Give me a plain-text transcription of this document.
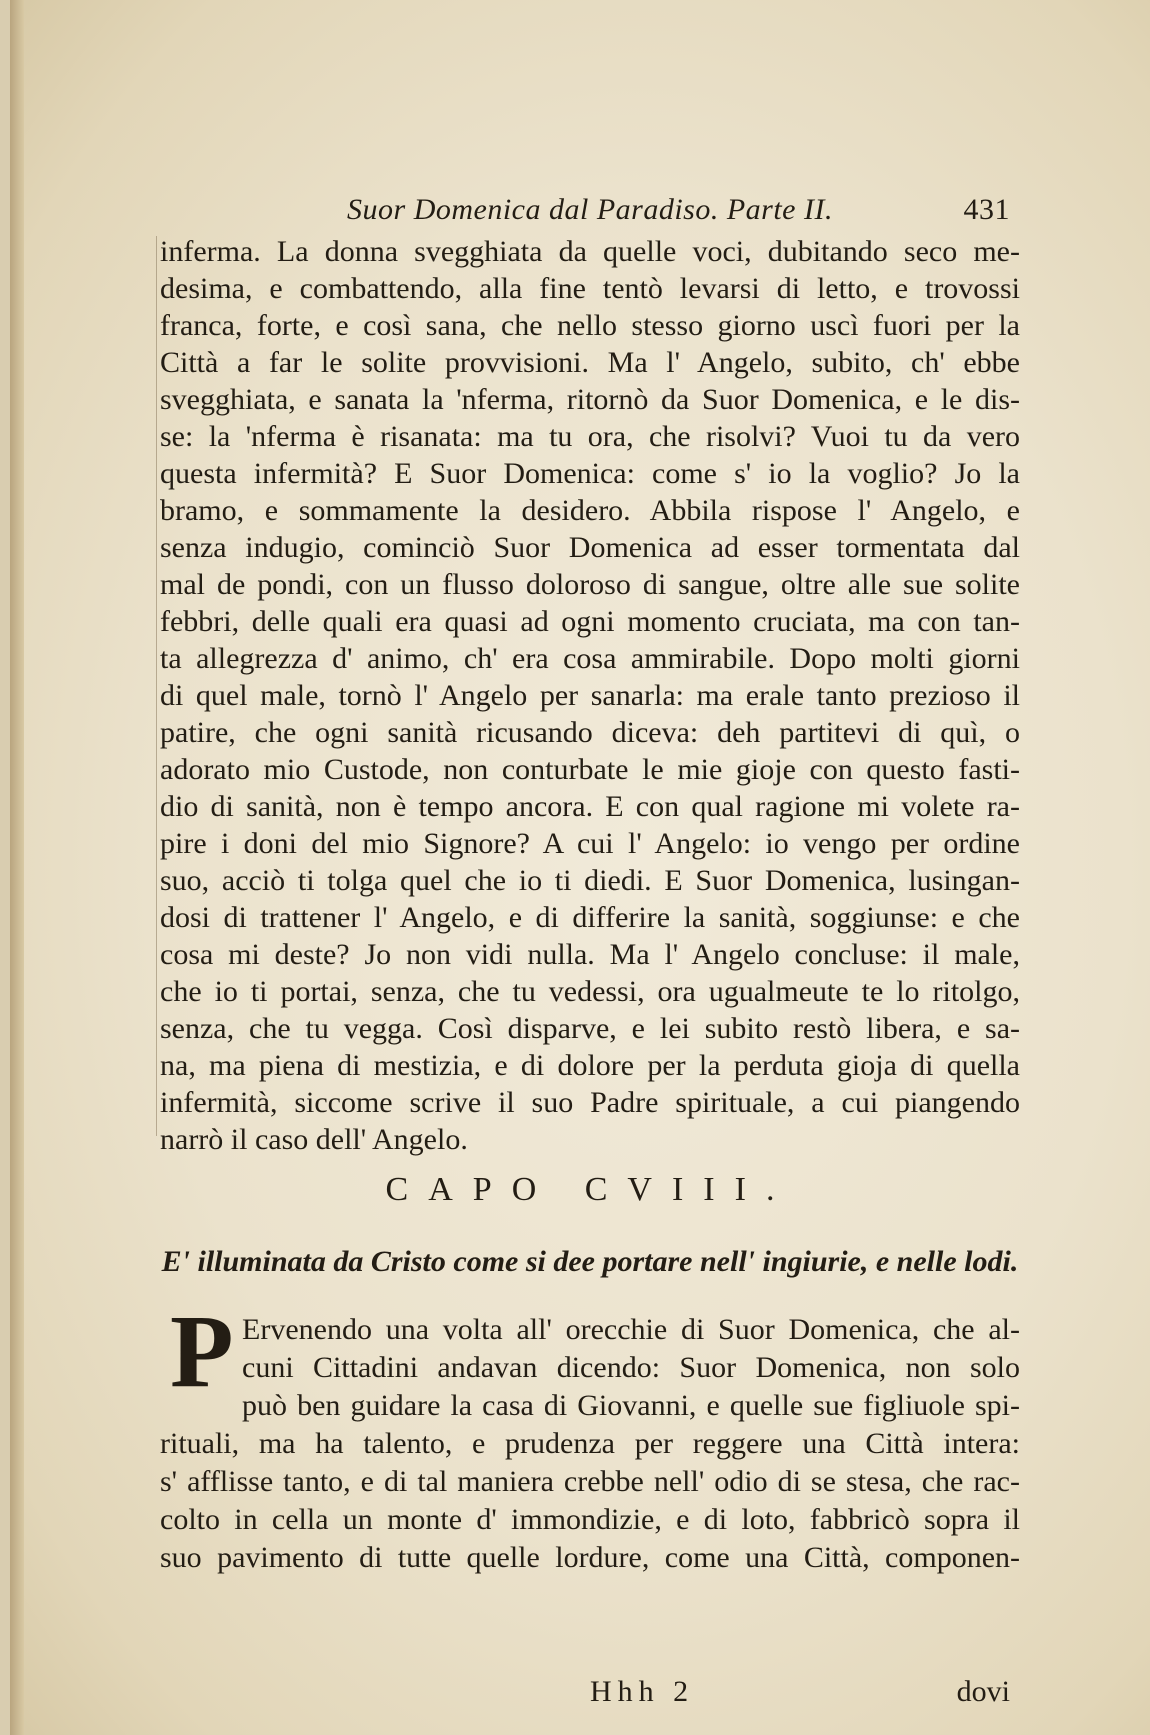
Suor Domenica dal Paradiso. Parte II.	431
inferma. La donna svegghiata da quelle voci, dubitando seco me-
desima, e combattendo, alla fine tentò levarsi di letto, e trovossi
franca, forte, e così sana, che nello stesso giorno uscì fuori per la
Città a far le solite provvisioni. Ma l' Angelo, subito, ch' ebbe
svegghiata, e sanata la 'nferma, ritornò da Suor Domenica, e le dis-
se: la 'nferma è risanata: ma tu ora, che risolvi? Vuoi tu da vero
questa infermità? E Suor Domenica: come s' io la voglio? Jo la
bramo, e sommamente la desidero. Abbila rispose l' Angelo, e
senza indugio, cominciò Suor Domenica ad esser tormentata dal
mal de pondi, con un flusso doloroso di sangue, oltre alle sue solite
febbri, delle quali era quasi ad ogni momento cruciata, ma con tan-
ta allegrezza d' animo, ch' era cosa ammirabile. Dopo molti giorni
di quel male, tornò l' Angelo per sanarla: ma erale tanto prezioso il
patire, che ogni sanità ricusando diceva: deh partitevi di quì, o
adorato mio Custode, non conturbate le mie gioje con questo fasti-
dio di sanità, non è tempo ancora. E con qual ragione mi volete ra-
pire i doni del mio Signore? A cui l' Angelo: io vengo per ordine
suo, acciò ti tolga quel che io ti diedi. E Suor Domenica, lusingan-
dosi di trattener l' Angelo, e di differire la sanità, soggiunse: e che
cosa mi deste? Jo non vidi nulla. Ma l' Angelo concluse: il male,
che io ti portai, senza, che tu vedessi, ora ugualmeute te lo ritolgo,
senza, che tu vegga. Così disparve, e lei subito restò libera, e sa-
na, ma piena di mestizia, e di dolore per la perduta gioja di quella
infermità, siccome scrive il suo Padre spirituale, a cui piangendo
narrò il caso dell' Angelo.
CAPO CVIII.
E' illuminata da Cristo come si dee portare nell' ingiurie, e nelle lodi.
P Ervenendo una volta all' orecchie di Suor Domenica, che al-
cuni Cittadini andavan dicendo: Suor Domenica, non solo
può ben guidare la casa di Giovanni, e quelle sue figliuole spi-
rituali, ma ha talento, e prudenza per reggere una Città intera:
s' afflisse tanto, e di tal maniera crebbe nell' odio di se stesa, che rac-
colto in cella un monte d' immondizie, e di loto, fabbricò sopra il
suo pavimento di tutte quelle lordure, come una Città, componen-
Hhh 2	dovi
